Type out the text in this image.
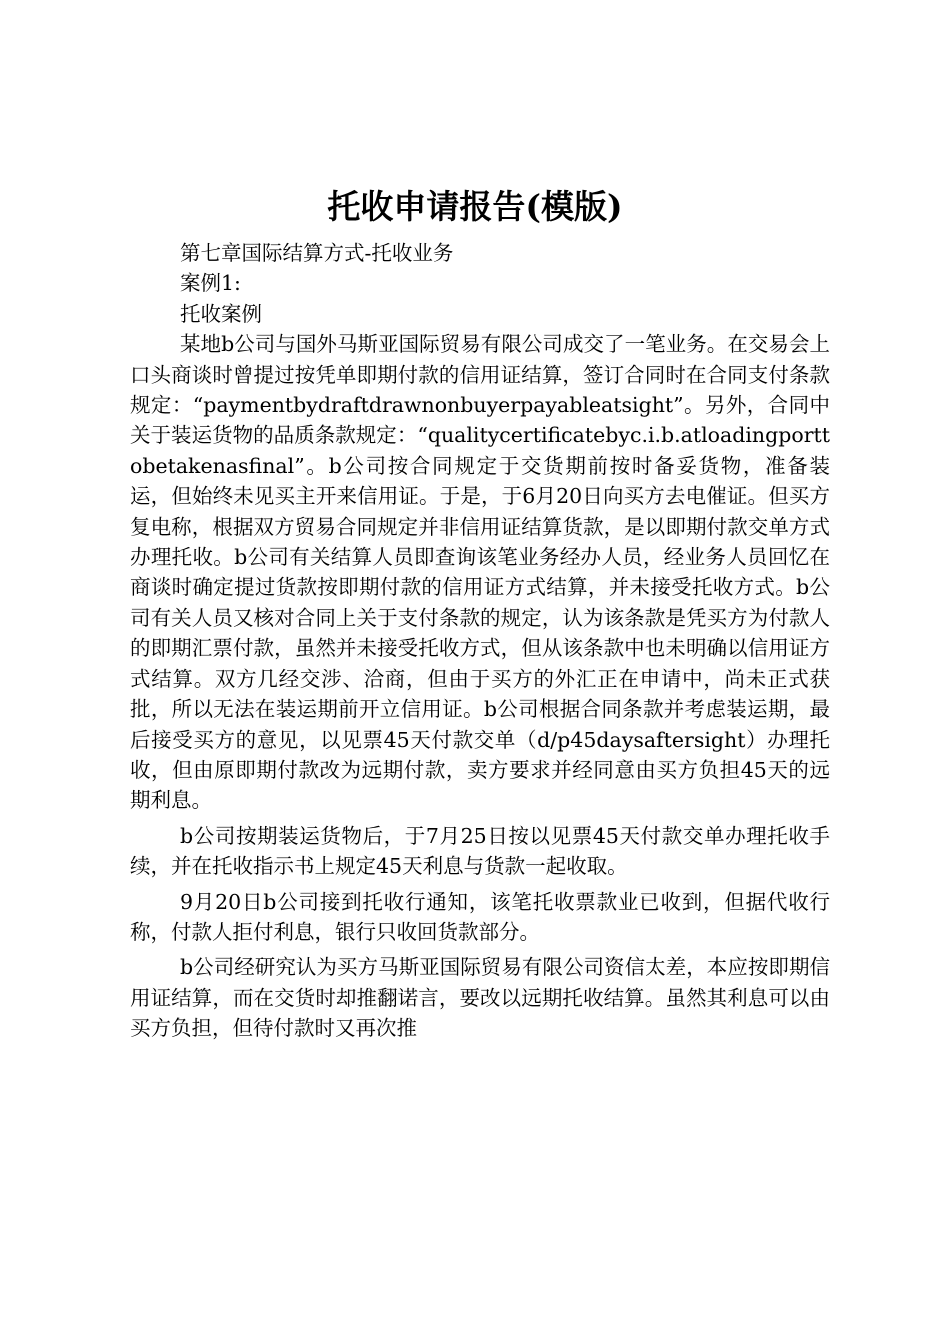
托收申请报告(模版)

第七章国际结算方式-托收业务

案例1:

托收案例

某地b公司与国外马斯亚国际贸易有限公司成交了一笔业务。在交易会上口头商谈时曾提过按凭单即期付款的信用证结算，签订合同时在合同支付条款规定：“paymentbydraftdrawnonbuyerpayableatsight”。另外，合同中关于装运货物的品质条款规定：“qualitycertificatebyc.i.b.atloadingporttobetakenasfinal”。b公司按合同规定于交货期前按时备妥货物，准备装运，但始终未见买主开来信用证。于是，于6月20日向买方去电催证。但买方复电称，根据双方贸易合同规定并非信用证结算货款，是以即期付款交单方式办理托收。b公司有关结算人员即查询该笔业务经办人员，经业务人员回忆在商谈时确定提过货款按即期付款的信用证方式结算，并未接受托收方式。b公司有关人员又核对合同上关于支付条款的规定，认为该条款是凭买方为付款人的即期汇票付款，虽然并未接受托收方式，但从该条款中也未明确以信用证方式结算。双方几经交涉、洽商，但由于买方的外汇正在申请中，尚未正式获批，所以无法在装运期前开立信用证。b公司根据合同条款并考虑装运期，最后接受买方的意见，以见票45天付款交单（d/p45daysaftersight）办理托收，但由原即期付款改为远期付款，卖方要求并经同意由买方负担45天的远期利息。

b公司按期装运货物后，于7月25日按以见票45天付款交单办理托收手续，并在托收指示书上规定45天利息与货款一起收取。

9月20日b公司接到托收行通知，该笔托收票款业已收到，但据代收行称，付款人拒付利息，银行只收回货款部分。

b公司经研究认为买方马斯亚国际贸易有限公司资信太差，本应按即期信用证结算，而在交货时却推翻诺言，要改以远期托收结算。虽然其利息可以由买方负担，但待付款时又再次推
